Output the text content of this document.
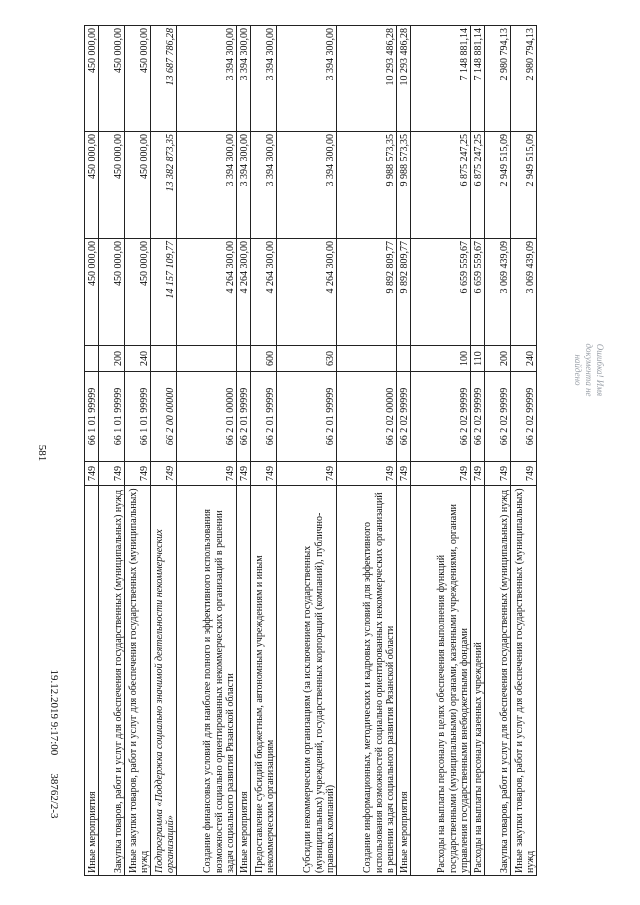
581
Иные мероприятия	749	66 1 01 99999		450 000,00	450 000,00	450 000,00
Закупка товаров, работ и услуг для обеспечения государственных (муниципальных) нужд	749	66 1 01 99999	200	450 000,00	450 000,00	450 000,00
Иные закупки товаров, работ и услуг для обеспечения государственных (муниципальных) нужд	749	66 1 01 99999	240	450 000,00	450 000,00	450 000,00
Подпрограмма «Поддержка социально значимой деятельности некоммерческих организаций»	749	66 2 00 00000		14 157 109,77	13 382 873,35	13 687 786,28
Создание финансовых условий для наиболее полного и эффективного использования возможностей социально ориентированных некоммерческих организаций в решении задач социального развития Рязанской области	749	66 2 01 00000		4 264 300,00	3 394 300,00	3 394 300,00
Иные мероприятия	749	66 2 01 99999		4 264 300,00	3 394 300,00	3 394 300,00
Предоставление субсидий бюджетным, автономным учреждениям и иным некоммерческим организациям	749	66 2 01 99999	600	4 264 300,00	3 394 300,00	3 394 300,00
Субсидии некоммерческим организациям (за исключением государственных (муниципальных) учреждений, государственных корпораций (компаний), публично-правовых компаний)	749	66 2 01 99999	630	4 264 300,00	3 394 300,00	3 394 300,00
Создание информационных, методических и кадровых условий для эффективного использования возможностей социально ориентированных некоммерческих организаций в решении задач социального развития Рязанской области	749	66 2 02 00000		9 892 809,77	9 988 573,35	10 293 486,28
Иные мероприятия	749	66 2 02 99999		9 892 809,77	9 988 573,35	10 293 486,28
Расходы на выплаты персоналу в целях обеспечения выполнения функций государственными (муниципальными) органами, казенными учреждениями, органами управления государственными внебюджетными фондами	749	66 2 02 99999	100	6 659 559,67	6 875 247,25	7 148 881,14
Расходы на выплаты персоналу казенных учреждений	749	66 2 02 99999	110	6 659 559,67	6 875 247,25	7 148 881,14
Закупка товаров, работ и услуг для обеспечения государственных (муниципальных) нужд	749	66 2 02 99999	200	3 069 439,09	2 949 515,09	2 980 794,13
Иные закупки товаров, работ и услуг для обеспечения государственных (муниципальных) нужд	749	66 2 02 99999	240	3 069 439,09	2 949 515,09	2 980 794,13
19.12.2019 9:17:0038762/2-3
Ошибка! Имя документа не найдено
